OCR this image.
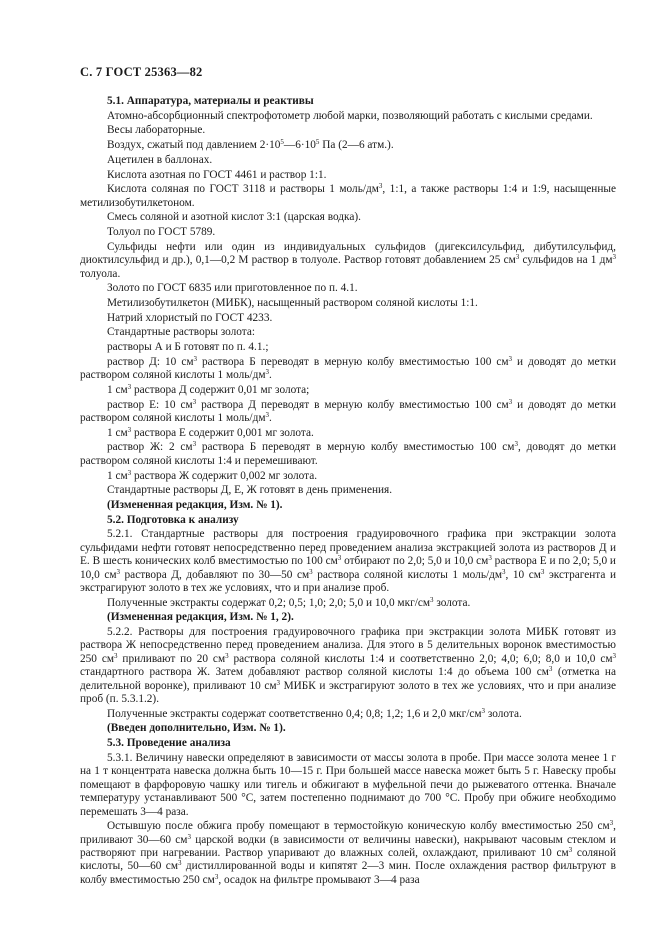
С. 7 ГОСТ 25363—82

5.1. Аппаратура, материалы и реактивы

Атомно-абсорбционный спектрофотометр любой марки, позволяющий работать с кислыми средами.

Весы лабораторные.

Воздух, сжатый под давлением $2\cdot 10^5—6\cdot 10^5$ Па (2—6 атм.).

Ацетилен в баллонах.

Кислота азотная по ГОСТ 4461 и раствор 1:1.

Кислота соляная по ГОСТ 3118 и растворы 1 моль/$дм^3$, 1:1, а также растворы 1:4 и 1:9, насыщенные метилизобутилкетоном.

Смесь соляной и азотной кислот 3:1 (царская водка).

Толуол по ГОСТ 5789.

Сульфиды нефти или один из индивидуальных сульфидов (дигексилсульфид, дибутилсульфид, диоктилсульфид и др.), 0,1—0,2 М раствор в толуоле. Раствор готовят добавлением 25 $см^3$ сульфидов на 1 $дм^3$ толуола.

Золото по ГОСТ 6835 или приготовленное по п. 4.1.

Метилизобутилкетон (МИБК), насыщенный раствором соляной кислоты 1:1.

Натрий хлористый по ГОСТ 4233.

Стандартные растворы золота:

растворы А и Б готовят по п. 4.1.;

раствор Д: 10 $см^3$ раствора Б переводят в мерную колбу вместимостью 100 $см^3$ и доводят до метки раствором соляной кислоты 1 моль/$дм^3$.

1 $см^3$ раствора Д содержит 0,01 мг золота;

раствор Е: 10 $см^3$ раствора Д переводят в мерную колбу вместимостью 100 $см^3$ и доводят до метки раствором соляной кислоты 1 моль/$дм^3$.

1 $см^3$ раствора Е содержит 0,001 мг золота.

раствор Ж: 2 $см^3$ раствора Б переводят в мерную колбу вместимостью 100 $см^3$, доводят до метки раствором соляной кислоты 1:4 и перемешивают.

1 $см^3$ раствора Ж содержит 0,002 мг золота.

Стандартные растворы Д, Е, Ж готовят в день применения.

(Измененная редакция, Изм. № 1).

5.2. Подготовка к анализу

5.2.1. Стандартные растворы для построения градуировочного графика при экстракции золота сульфидами нефти готовят непосредственно перед проведением анализа экстракцией золота из растворов Д и Е. В шесть конических колб вместимостью по 100 $см^3$ отбирают по 2,0; 5,0 и 10,0 $см^3$ раствора Е и по 2,0; 5,0 и 10,0 $см^3$ раствора Д, добавляют по 30—50 $см^3$ раствора соляной кислоты 1 моль/$дм^3$, 10 $см^3$ экстрагента и экстрагируют золото в тех же условиях, что и при анализе проб.

Полученные экстракты содержат 0,2; 0,5; 1,0; 2,0; 5,0 и 10,0 мкг/$см^3$ золота.

(Измененная редакция, Изм. № 1, 2).

5.2.2. Растворы для построения градуировочного графика при экстракции золота МИБК готовят из раствора Ж непосредственно перед проведением анализа. Для этого в 5 делительных воронок вместимостью 250 $см^3$ приливают по 20 $см^3$ раствора соляной кислоты 1:4 и соответственно 2,0; 4,0; 6,0; 8,0 и 10,0 $см^3$ стандартного раствора Ж. Затем добавляют раствор соляной кислоты 1:4 до объема 100 $см^3$ (отметка на делительной воронке), приливают 10 $см^3$ МИБК и экстрагируют золото в тех же условиях, что и при анализе проб (п. 5.3.1.2).

Полученные экстракты содержат соответственно 0,4; 0,8; 1,2; 1,6 и 2,0 мкг/$см^3$ золота.

(Введен дополнительно, Изм. № 1).

5.3. Проведение анализа

5.3.1. Величину навески определяют в зависимости от массы золота в пробе. При массе золота менее 1 г на 1 т концентрата навеска должна быть 10—15 г. При большей массе навеска может быть 5 г. Навеску пробы помещают в фарфоровую чашку или тигель и обжигают в муфельной печи до рыжеватого оттенка. Вначале температуру устанавливают 500 °С, затем постепенно поднимают до 700 °С. Пробу при обжиге необходимо перемешать 3—4 раза.

Остывшую после обжига пробу помещают в термостойкую коническую колбу вместимостью 250 $см^3$, приливают 30—60 $см^3$ царской водки (в зависимости от величины навески), накрывают часовым стеклом и растворяют при нагревании. Раствор упаривают до влажных солей, охлаждают, приливают 10 $см^3$ соляной кислоты, 50—60 $см^3$ дистиллированной воды и кипятят 2—3 мин. После охлаждения раствор фильтруют в колбу вместимостью 250 $см^3$, осадок на фильтре промывают 3—4 раза
